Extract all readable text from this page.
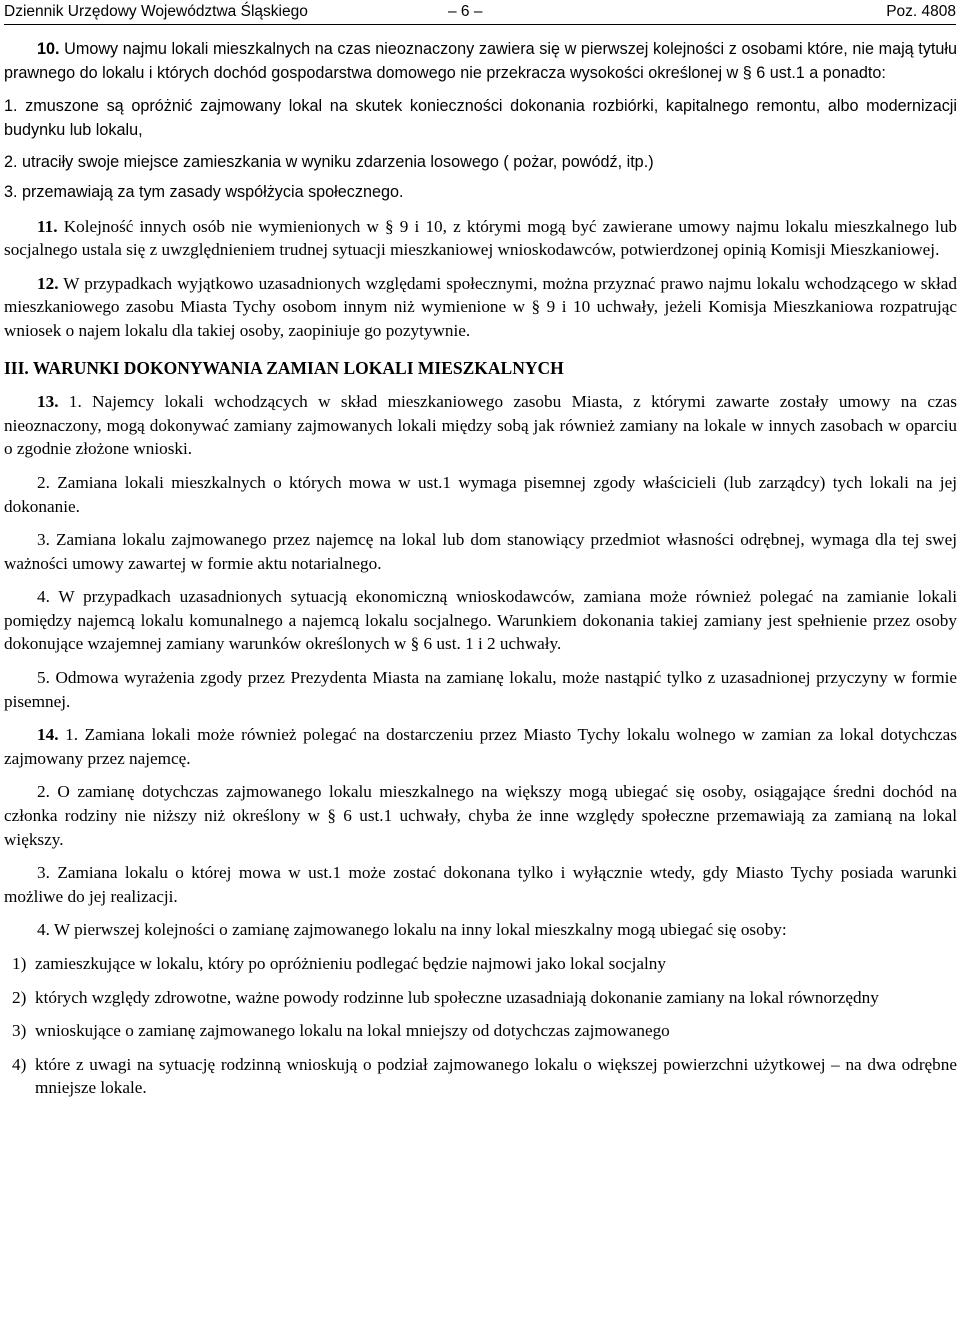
Dziennik Urzędowy Województwa Śląskiego	– 6 –	Poz. 4808

10. Umowy najmu lokali mieszkalnych na czas nieoznaczony zawiera się w pierwszej kolejności z osobami które, nie mają tytułu prawnego do lokalu i których dochód gospodarstwa domowego nie przekracza wysokości określonej w § 6 ust.1 a ponadto:

1. zmuszone są opróżnić zajmowany lokal na skutek konieczności dokonania rozbiórki, kapitalnego remontu, albo modernizacji budynku lub lokalu,

2. utraciły swoje miejsce zamieszkania w wyniku zdarzenia losowego ( pożar, powódź, itp.)

3. przemawiają za tym zasady współżycia społecznego.

11. Kolejność innych osób nie wymienionych w § 9 i 10, z którymi mogą być zawierane umowy najmu lokalu mieszkalnego lub socjalnego ustala się z uwzględnieniem trudnej sytuacji mieszkaniowej wnioskodawców, potwierdzonej opinią Komisji Mieszkaniowej.

12. W przypadkach wyjątkowo uzasadnionych względami społecznymi, można przyznać prawo najmu lokalu wchodzącego w skład mieszkaniowego zasobu Miasta Tychy osobom innym niż wymienione w § 9 i 10 uchwały, jeżeli Komisja Mieszkaniowa rozpatrując wniosek o najem lokalu dla takiej osoby, zaopiniuje go pozytywnie.

III. WARUNKI DOKONYWANIA ZAMIAN LOKALI MIESZKALNYCH

13. 1. Najemcy lokali wchodzących w skład mieszkaniowego zasobu Miasta, z którymi zawarte zostały umowy na czas nieoznaczony, mogą dokonywać zamiany zajmowanych lokali między sobą jak również zamiany na lokale w innych zasobach w oparciu o zgodnie złożone wnioski.

2. Zamiana lokali mieszkalnych o których mowa w ust.1 wymaga pisemnej zgody właścicieli (lub zarządcy) tych lokali na jej dokonanie.

3. Zamiana lokalu zajmowanego przez najemcę na lokal lub dom stanowiący przedmiot własności odrębnej, wymaga dla tej swej ważności umowy zawartej w formie aktu notarialnego.

4. W przypadkach uzasadnionych sytuacją ekonomiczną wnioskodawców, zamiana może również polegać na zamianie lokali pomiędzy najemcą lokalu komunalnego a najemcą lokalu socjalnego. Warunkiem dokonania takiej zamiany jest spełnienie przez osoby dokonujące wzajemnej zamiany warunków określonych w § 6 ust. 1 i 2 uchwały.

5. Odmowa wyrażenia zgody przez Prezydenta Miasta na zamianę lokalu, może nastąpić tylko z uzasadnionej przyczyny w formie pisemnej.

14. 1. Zamiana lokali może również polegać na dostarczeniu przez Miasto Tychy lokalu wolnego w zamian za lokal dotychczas zajmowany przez najemcę.

2. O zamianę dotychczas zajmowanego lokalu mieszkalnego na większy mogą ubiegać się osoby, osiągające średni dochód na członka rodziny nie niższy niż określony w § 6 ust.1 uchwały, chyba że inne względy społeczne przemawiają za zamianą na lokal większy.

3. Zamiana lokalu o której mowa w ust.1 może zostać dokonana tylko i wyłącznie wtedy, gdy Miasto Tychy posiada warunki możliwe do jej realizacji.

4. W pierwszej kolejności o zamianę zajmowanego lokalu na inny lokal mieszkalny mogą ubiegać się osoby:

1) zamieszkujące w lokalu, który po opróżnieniu podlegać będzie najmowi jako lokal socjalny
2) których względy zdrowotne, ważne powody rodzinne lub społeczne uzasadniają dokonanie zamiany na lokal równorzędny
3) wnioskujące o zamianę zajmowanego lokalu na lokal mniejszy od dotychczas zajmowanego
4) które z uwagi na sytuację rodzinną wnioskują o podział zajmowanego lokalu o większej powierzchni użytkowej – na dwa odrębne mniejsze lokale.
